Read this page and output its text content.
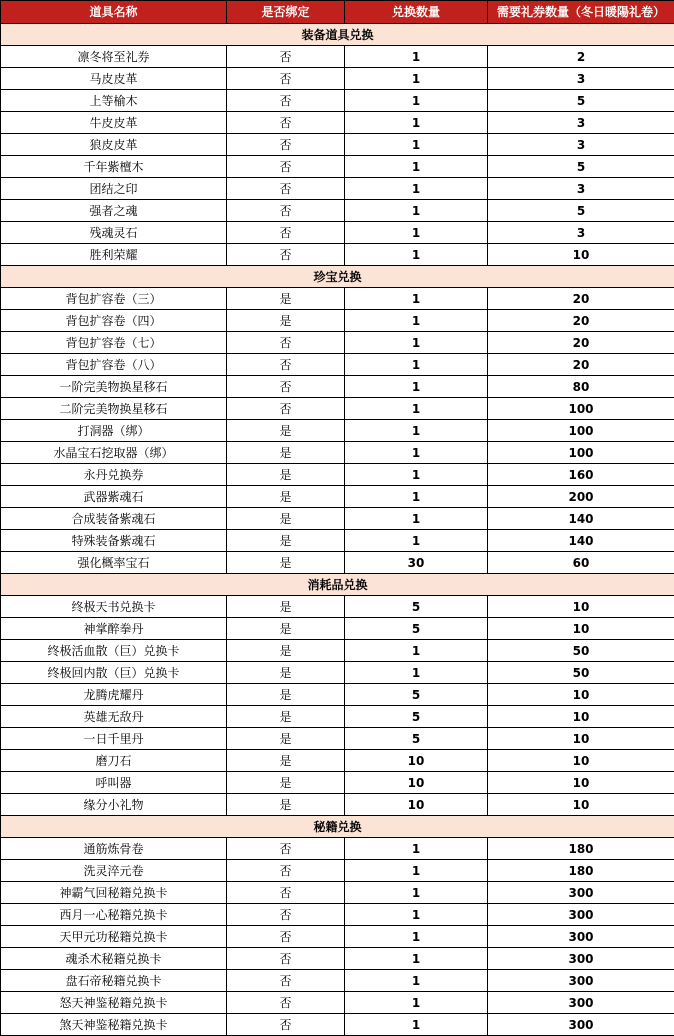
道具名称	是否绑定	兑换数量	需要礼券数量（冬日暖陽礼卷）
装备道具兑换			
凛冬将至礼券	否	1	2
马皮皮革	否	1	3
上等榆木	否	1	5
牛皮皮革	否	1	3
狼皮皮革	否	1	3
千年紫檀木	否	1	5
团结之印	否	1	3
强者之魂	否	1	5
残魂灵石	否	1	3
胜利荣耀	否	1	10
珍宝兑换			
背包扩容卷（三）	是	1	20
背包扩容卷（四）	是	1	20
背包扩容卷（七）	否	1	20
背包扩容卷（八）	否	1	20
一阶完美物换星移石	否	1	80
二阶完美物换星移石	否	1	100
打洞器（绑）	是	1	100
水晶宝石挖取器（绑）	是	1	100
永丹兑换券	是	1	160
武器紫魂石	是	1	200
合成装备紫魂石	是	1	140
特殊装备紫魂石	是	1	140
强化概率宝石	是	30	60
消耗品兑换			
终极天书兑换卡	是	5	10
神掌醉拳丹	是	5	10
终极活血散（巨）兑换卡	是	1	50
终极回内散（巨）兑换卡	是	1	50
龙腾虎耀丹	是	5	10
英雄无敌丹	是	5	10
一日千里丹	是	5	10
磨刀石	是	10	10
呼叫器	是	10	10
缘分小礼物	是	10	10
秘籍兑换			
通筋炼骨卷	否	1	180
洗灵淬元卷	否	1	180
神霸气回秘籍兑换卡	否	1	300
西月一心秘籍兑换卡	否	1	300
天甲元功秘籍兑换卡	否	1	300
魂杀术秘籍兑换卡	否	1	300
盘石帝秘籍兑换卡	否	1	300
怒天神鉴秘籍兑换卡	否	1	300
煞天神鉴秘籍兑换卡	否	1	300
